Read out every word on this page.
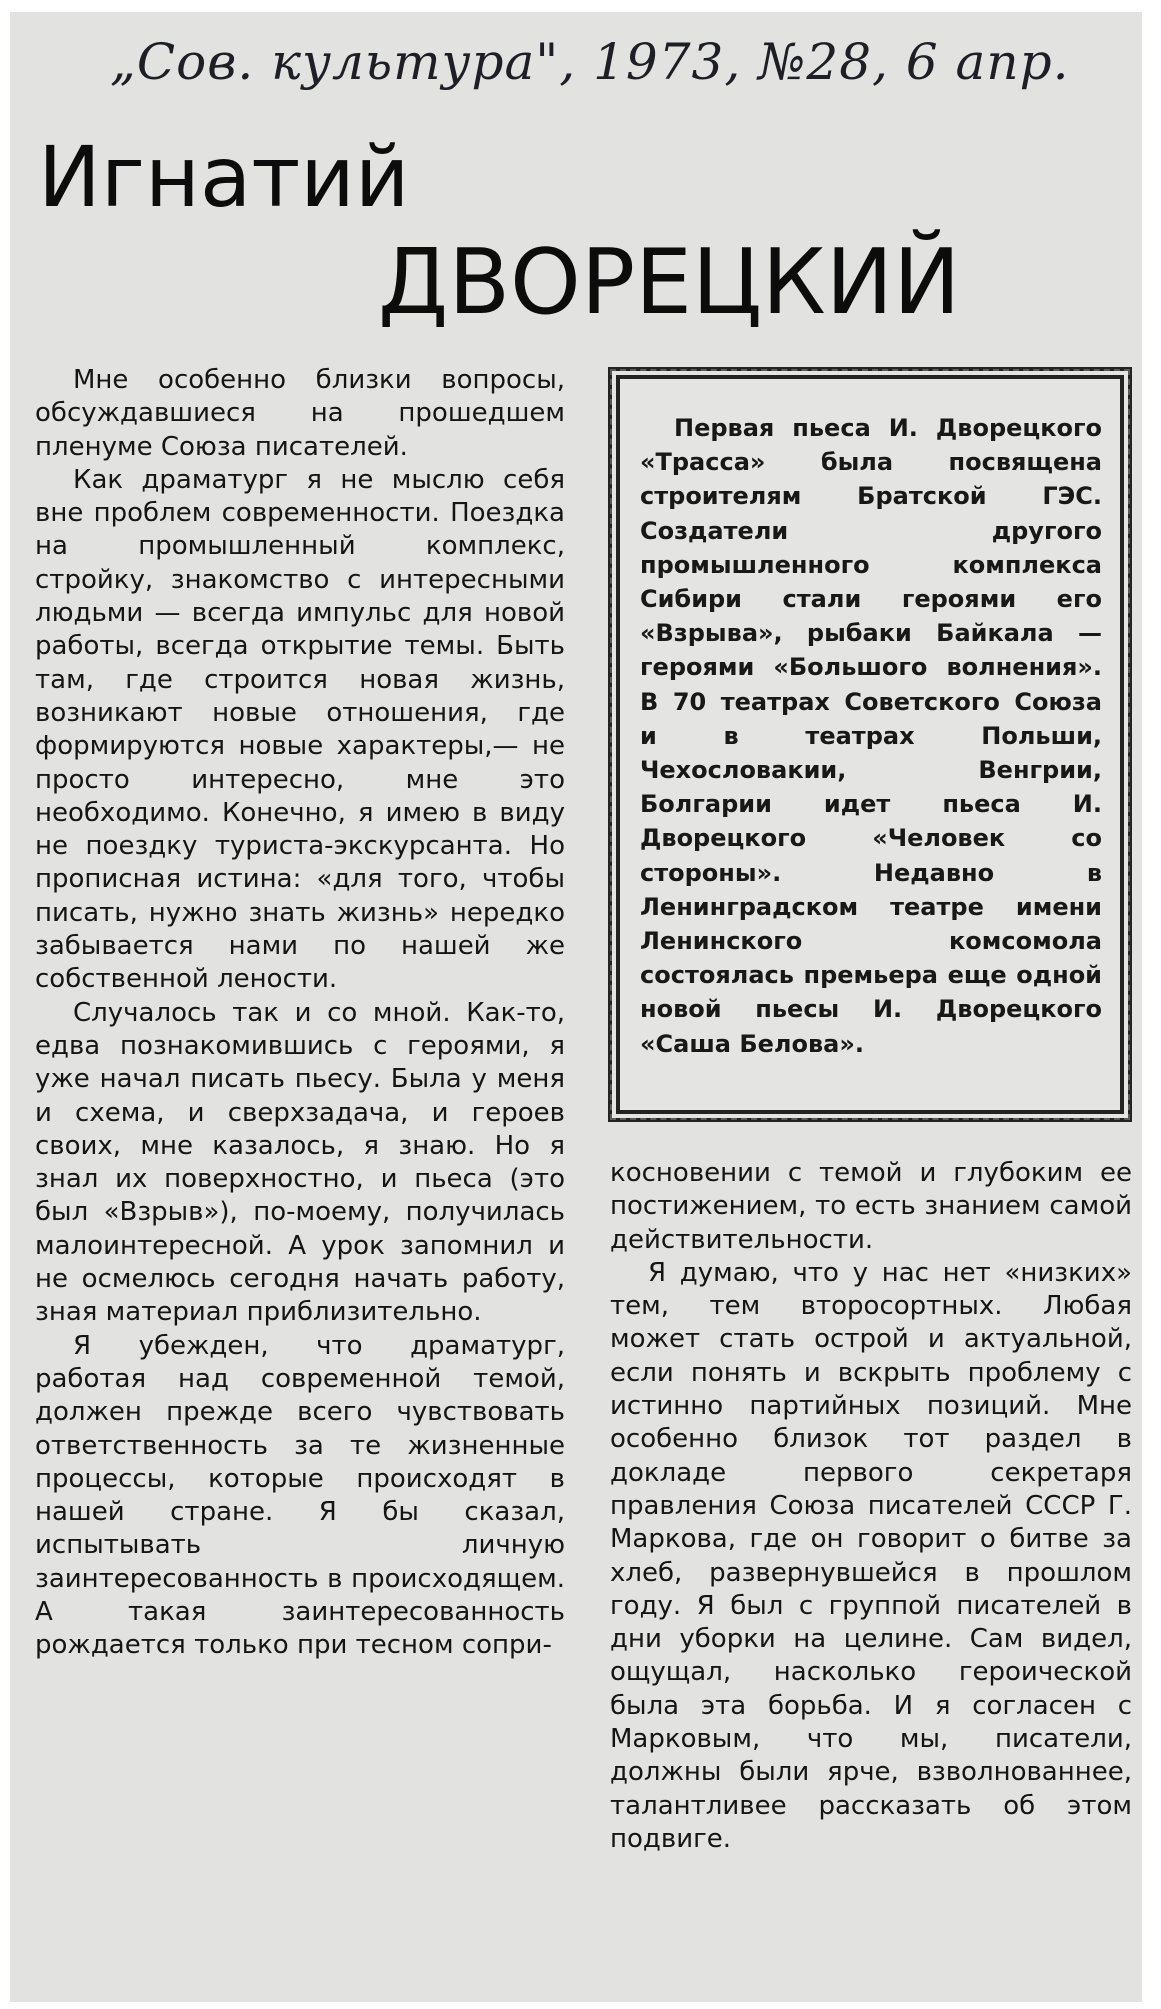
„Сов. культура", 1973, №28, 6 апр.
Игнатий
ДВОРЕЦКИЙ

Мне особенно близки вопросы, обсуждавшиеся на прошедшем пленуме Союза писателей.

Как драматург я не мыслю себя вне проблем современности. Поездка на промышленный комплекс, стройку, знакомство с интересными людьми — всегда импульс для новой работы, всегда открытие темы. Быть там, где строится новая жизнь, возникают новые отношения, где формируются новые характеры,— не просто интересно, мне это необходимо. Конечно, я имею в виду не поездку туриста-экскурсанта. Но прописная истина: «для того, чтобы писать, нужно знать жизнь» нередко забывается нами по нашей же собственной лености.

Случалось так и со мной. Как-то, едва познакомившись с героями, я уже начал писать пьесу. Была у меня и схема, и сверхзадача, и героев своих, мне казалось, я знаю. Но я знал их поверхностно, и пьеса (это был «Взрыв»), по-моему, получилась малоинтересной. А урок запомнил и не осмелюсь сегодня начать работу, зная материал приблизительно.

Я убежден, что драматург, работая над современной темой, должен прежде всего чувствовать ответственность за те жизненные процессы, которые происходят в нашей стране. Я бы сказал, испытывать личную заинтересованность в происходящем. А такая заинтересованность рождается только при тесном сопри-

Первая пьеса И. Дворецкого «Трасса» была посвящена строителям Братской ГЭС. Создатели другого промышленного комплекса Сибири стали героями его «Взрыва», рыбаки Байкала — героями «Большого волнения». В 70 театрах Советского Союза и в театрах Польши, Чехословакии, Венгрии, Болгарии идет пьеса И. Дворецкого «Человек со стороны». Недавно в Ленинградском театре имени Ленинского комсомола состоялась премьера еще одной новой пьесы И. Дворецкого «Саша Белова».

косновении с темой и глубоким ее постижением, то есть знанием самой действительности.

Я думаю, что у нас нет «низких» тем, тем второсортных. Любая может стать острой и актуальной, если понять и вскрыть проблему с истинно партийных позиций. Мне особенно близок тот раздел в докладе первого секретаря правления Союза писателей СССР Г. Маркова, где он говорит о битве за хлеб, развернувшейся в прошлом году. Я был с группой писателей в дни уборки на целине. Сам видел, ощущал, насколько героической была эта борьба. И я согласен с Марковым, что мы, писатели, должны были ярче, взволнованнее, талантливее рассказать об этом подвиге.
